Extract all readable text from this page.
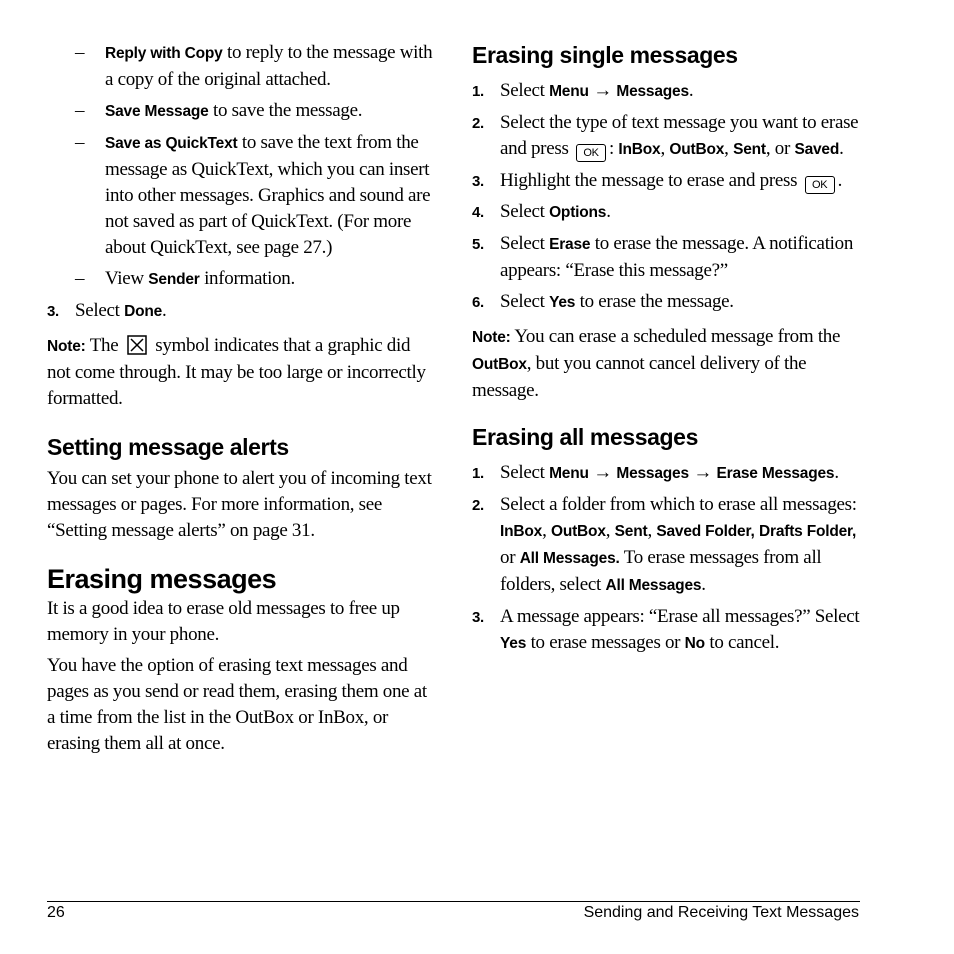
– Reply with Copy to reply to the message with a copy of the original attached.
– Save Message to save the message.
– Save as QuickText to save the text from the message as QuickText, which you can insert into other messages. Graphics and sound are not saved as part of QuickText. (For more about QuickText, see page 27.)
– View Sender information.
3. Select Done.
Note: The  symbol indicates that a graphic did not come through. It may be too large or incorrectly formatted.
Setting message alerts

You can set your phone to alert you of incoming text messages or pages. For more information, see “Setting message alerts” on page 31.

Erasing messages

It is a good idea to erase old messages to free up memory in your phone.

You have the option of erasing text messages and pages as you send or read them, erasing them one at a time from the list in the OutBox or InBox, or erasing them all at once.

Erasing single messages
1. Select Menu → Messages.
2. Select the type of text message you want to erase and press OK : InBox, OutBox, Sent, or Saved.
3. Highlight the message to erase and press OK .
4. Select Options.
5. Select Erase to erase the message. A notification appears: “Erase this message?”
6. Select Yes to erase the message.
Note: You can erase a scheduled message from the OutBox, but you cannot cancel delivery of the message.
Erasing all messages
1. Select Menu → Messages → Erase Messages.
2. Select a folder from which to erase all messages: InBox, OutBox, Sent, Saved Folder, Drafts Folder, or All Messages. To erase messages from all folders, select All Messages.
3. A message appears: “Erase all messages?” Select Yes to erase messages or No to cancel.
26	Sending and Receiving Text Messages
